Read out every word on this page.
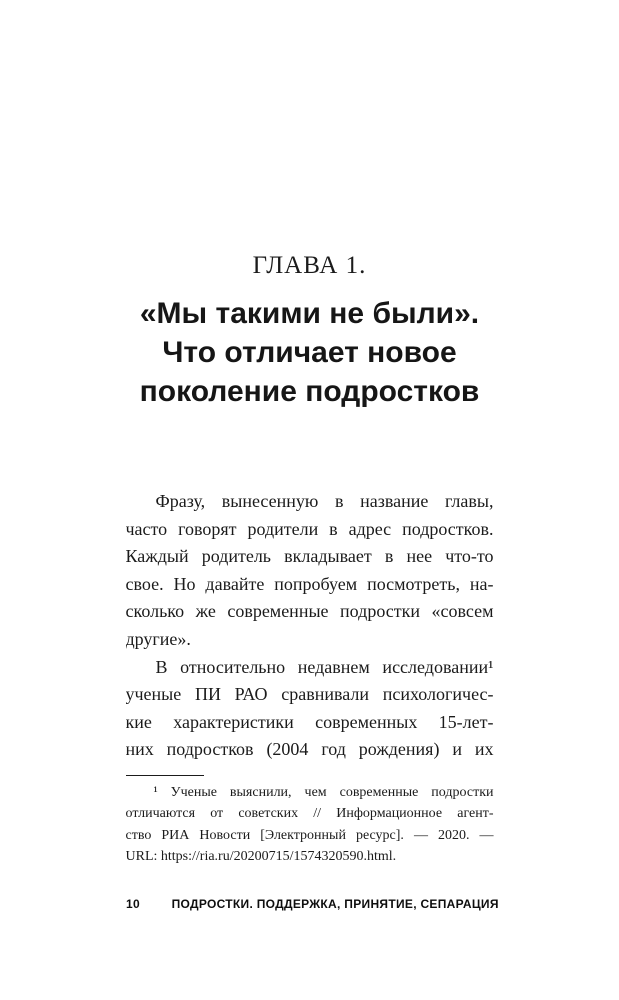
ГЛАВА 1.
«Мы такими не были».
Что отличает новое
поколение подростков
Фразу, вынесенную в название главы,
часто говорят родители в адрес подростков.
Каждый родитель вкладывает в нее что-то
свое. Но давайте попробуем посмотреть, на-
сколько же современные подростки «совсем
другие».
В относительно недавнем исследовании¹
ученые ПИ РАО сравнивали психологичес-
кие характеристики современных 15-лет-
них подростков (2004 год рождения) и их
¹ Ученые выяснили, чем современные подростки
отличаются от советских // Информационное агент-
ство РИА Новости [Электронный ресурс]. — 2020. —
URL: https://ria.ru/20200715/1574320590.html.
10	ПОДРОСТКИ. ПОДДЕРЖКА, ПРИНЯТИЕ, СЕПАРАЦИЯ
